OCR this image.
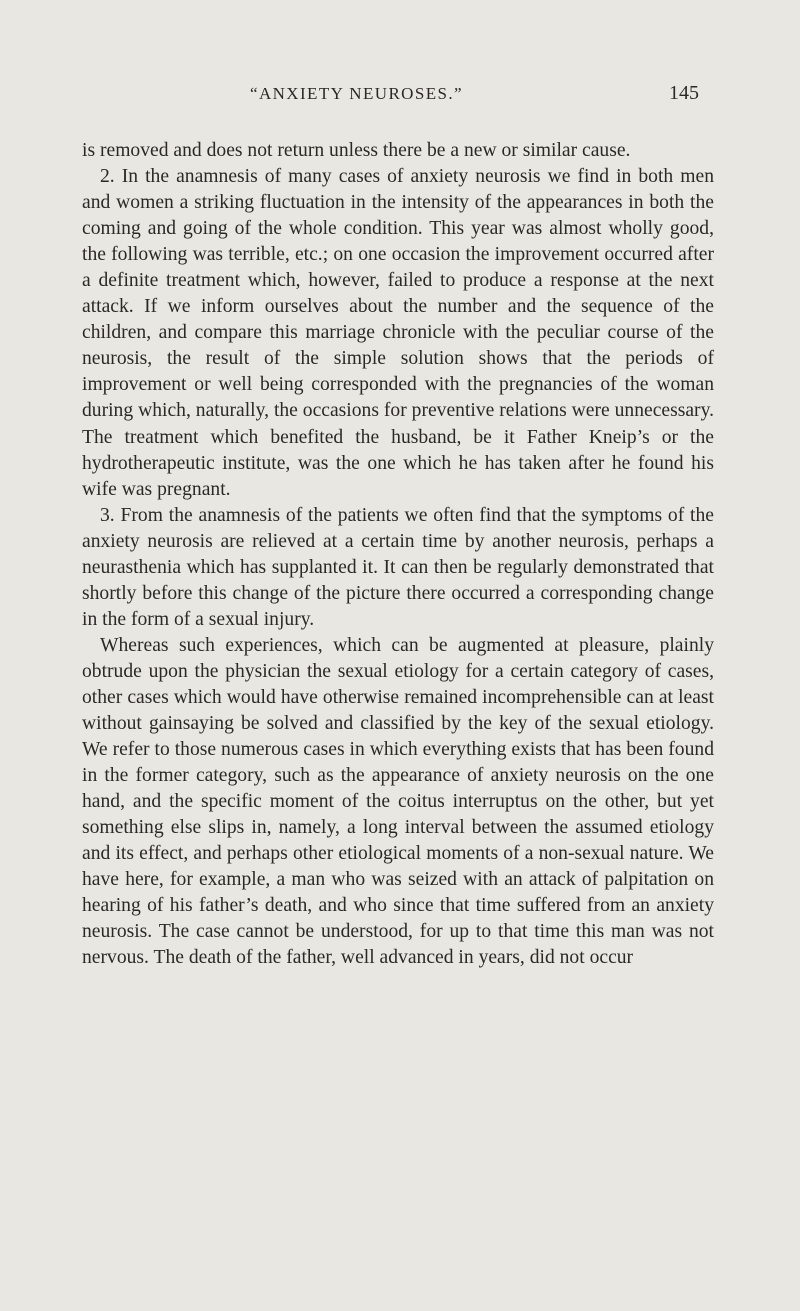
“ANXIETY NEUROSES.”	145

is removed and does not return unless there be a new or similar cause.

2. In the anamnesis of many cases of anxiety neurosis we find in both men and women a striking fluctuation in the intensity of the appearances in both the coming and going of the whole condition. This year was almost wholly good, the following was terrible, etc.; on one occasion the improvement occurred after a definite treatment which, however, failed to produce a response at the next attack. If we inform ourselves about the number and the sequence of the children, and compare this marriage chronicle with the peculiar course of the neurosis, the result of the simple solution shows that the periods of improvement or well being corresponded with the pregnancies of the woman during which, naturally, the occasions for preventive relations were unnecessary. The treatment which benefited the husband, be it Father Kneip’s or the hydrotherapeutic institute, was the one which he has taken after he found his wife was pregnant.

3. From the anamnesis of the patients we often find that the symptoms of the anxiety neurosis are relieved at a certain time by another neurosis, perhaps a neurasthenia which has supplanted it. It can then be regularly demonstrated that shortly before this change of the picture there occurred a corresponding change in the form of a sexual injury.

Whereas such experiences, which can be augmented at pleasure, plainly obtrude upon the physician the sexual etiology for a certain category of cases, other cases which would have otherwise remained incomprehensible can at least without gainsaying be solved and classified by the key of the sexual etiology. We refer to those numerous cases in which everything exists that has been found in the former category, such as the appearance of anxiety neurosis on the one hand, and the specific moment of the coitus interruptus on the other, but yet something else slips in, namely, a long interval between the assumed etiology and its effect, and perhaps other etiological moments of a non-sexual nature. We have here, for example, a man who was seized with an attack of palpitation on hearing of his father’s death, and who since that time suffered from an anxiety neurosis. The case cannot be understood, for up to that time this man was not nervous. The death of the father, well advanced in years, did not occur
